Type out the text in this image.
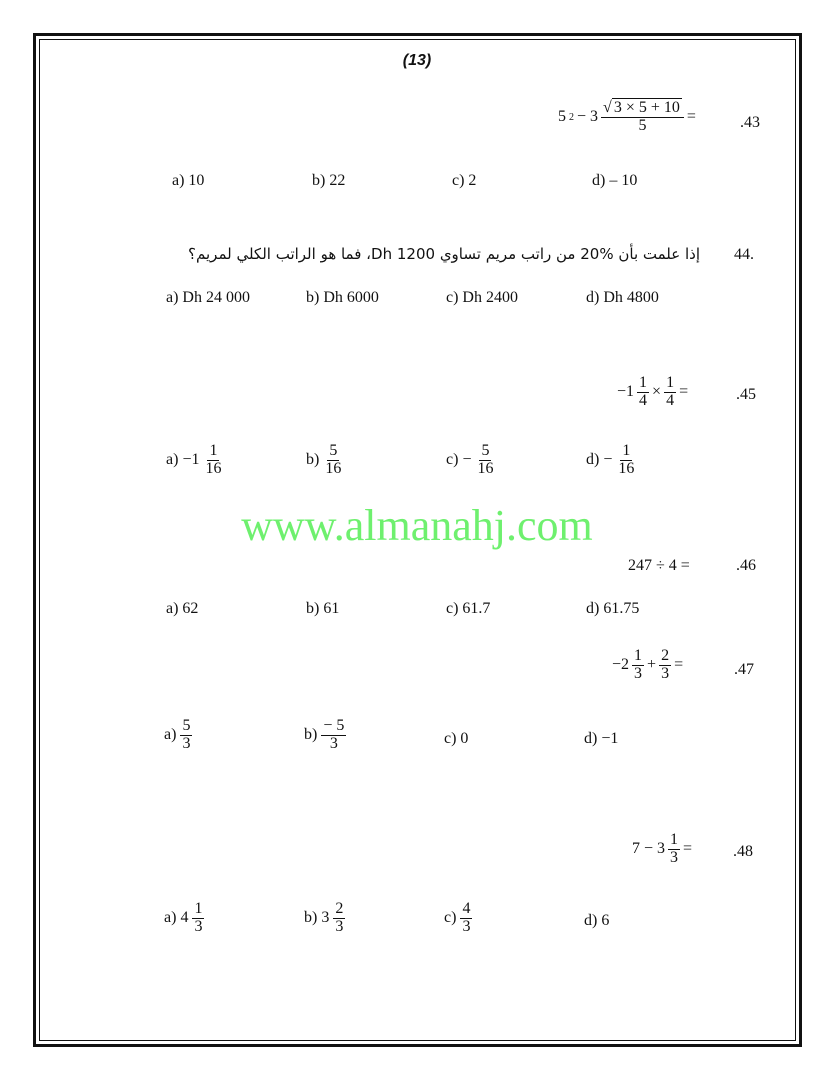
(13)
5 $2 - 3 \frac{√ 3 \times 5 + 10}{5}$ =	.43
a) 10	b) 22	c) 2	d) – 10
إذا علمت بأن %20 من راتب مريم تساوي 1200 Dh، فما هو الراتب الكلي لمريم؟ 44.
a) Dh 24 000	b) Dh 6000	c) Dh 2400	d) Dh 4800
$-1 \frac{1}{4} \times \frac{1}{4}$ =	.45
$a) -1 \frac{1}{16}$	$b) \frac{5}{16}$	$c) - \frac{5}{16}$	$d) - \frac{1}{16}$
www.almanahj.com
247 ÷ 4 =	.46
a) 62	b) 61	c) 61.7	d) 61.75
$-2 \frac{1}{3} + \frac{2}{3}$ =	.47
$a) \frac{5}{3}$	$b) \frac{- 5}{3}$	c) 0	d) −1
$7 - 3 \frac{1}{3}$ =	.48
a) $4 \frac{1}{3}$	b) $3 \frac{2}{3}$	$c) \frac{4}{3}$	d) 6
